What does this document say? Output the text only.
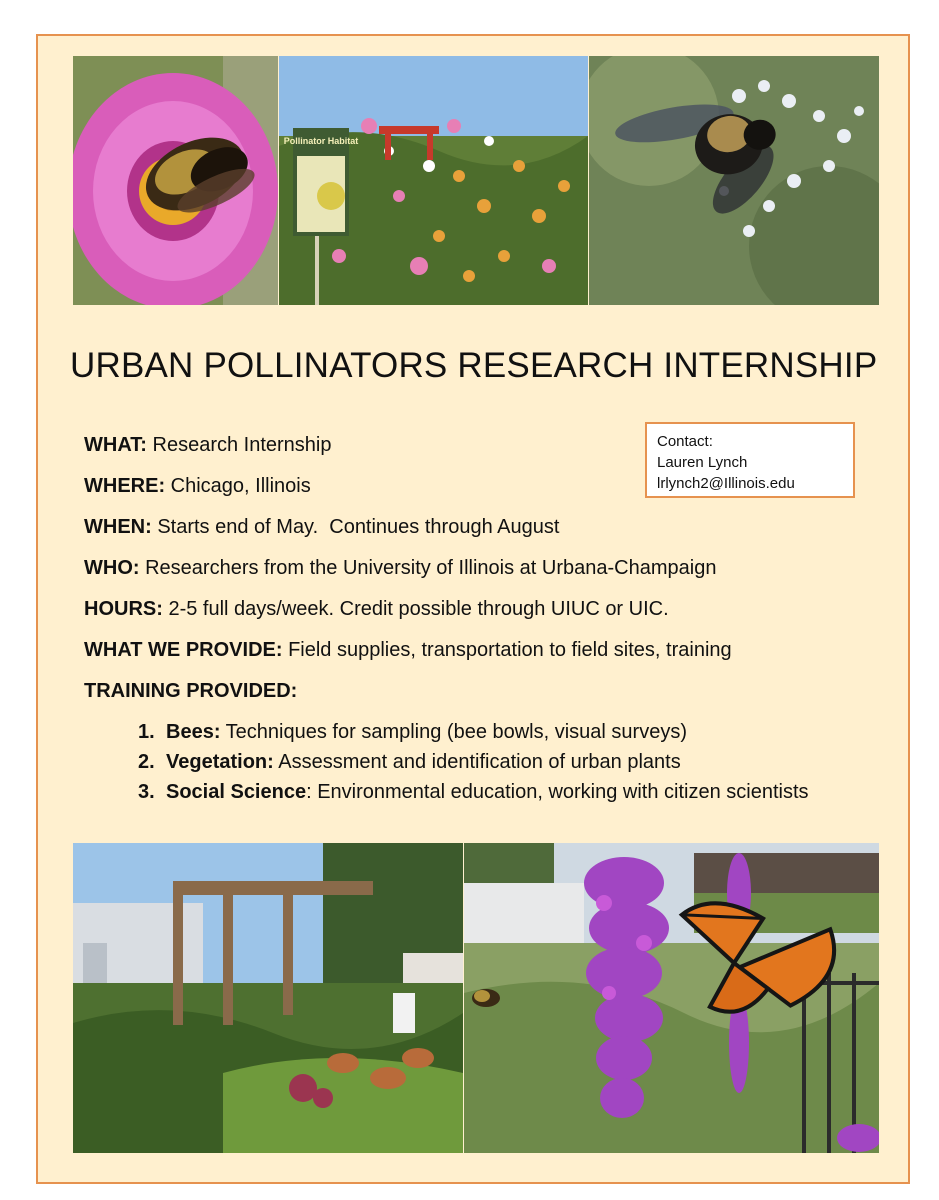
Pollinator Habitat
URBAN POLLINATORS RESEARCH INTERNSHIP
WHAT: Research Internship
WHERE: Chicago, Illinois
WHEN: Starts end of May.  Continues through August
WHO: Researchers from the University of Illinois at Urbana-Champaign
HOURS: 2-5 full days/week. Credit possible through UIUC or UIC.
WHAT WE PROVIDE: Field supplies, transportation to field sites, training
TRAINING PROVIDED:
1. Bees: Techniques for sampling (bee bowls, visual surveys)
2. Vegetation: Assessment and identification of urban plants
3. Social Science: Environmental education, working with citizen scientists
Contact:
Lauren Lynch
lrlynch2@Illinois.edu
